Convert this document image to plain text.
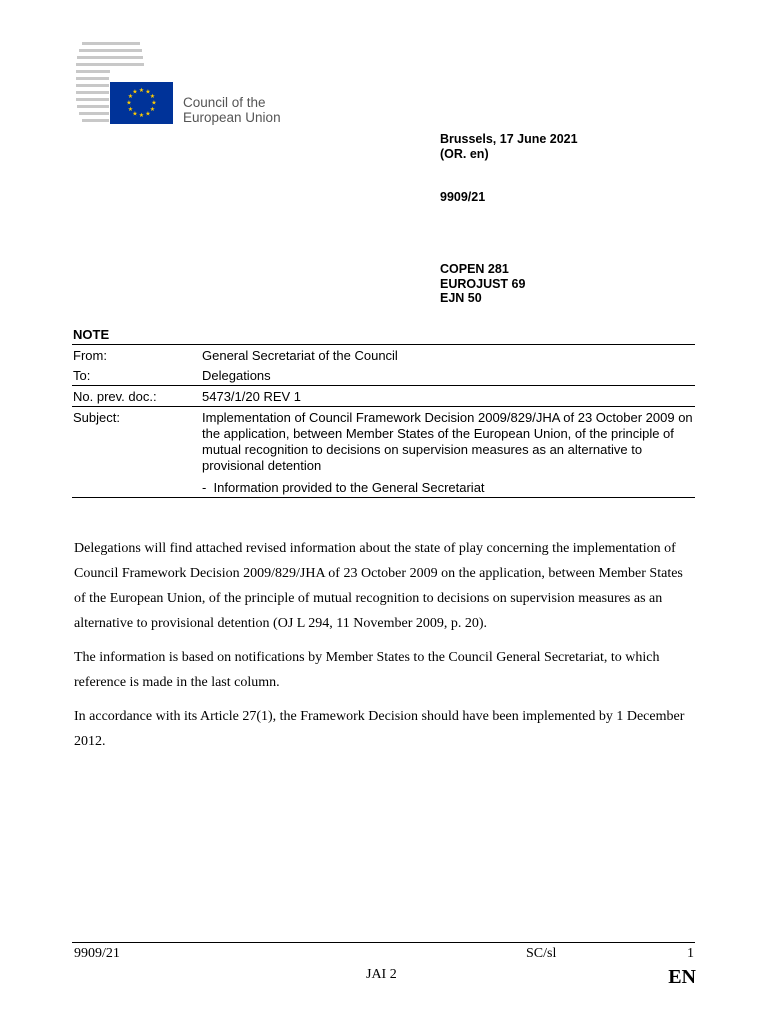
★ ★
★
★
★
★
★
★
★
★
★
★
Council of the
European Union
Brussels, 17 June 2021
(OR. en)
9909/21
COPEN 281
EUROJUST 69
EJN 50
NOTE
From:	General Secretariat of the Council
To:	Delegations
No. prev. doc.:	5473/1/20 REV 1
Subject:	Implementation of Council Framework Decision 2009/829/JHA of 23 October 2009 on the application, between Member States of the European Union, of the principle of mutual recognition to decisions on supervision measures as an alternative to provisional detention
-  Information provided to the General Secretariat

Delegations will find attached revised information about the state of play concerning the implementation of Council Framework Decision 2009/829/JHA of 23 October 2009 on the application, between Member States of the European Union, of the principle of mutual recognition to decisions on supervision measures as an alternative to provisional detention (OJ L 294, 11 November 2009, p. 20).

The information is based on notifications by Member States to the Council General Secretariat, to which reference is made in the last column.

In accordance with its Article 27(1), the Framework Decision should have been implemented by 1 December 2012.

9909/21	SC/sl	1
JAI 2	EN
